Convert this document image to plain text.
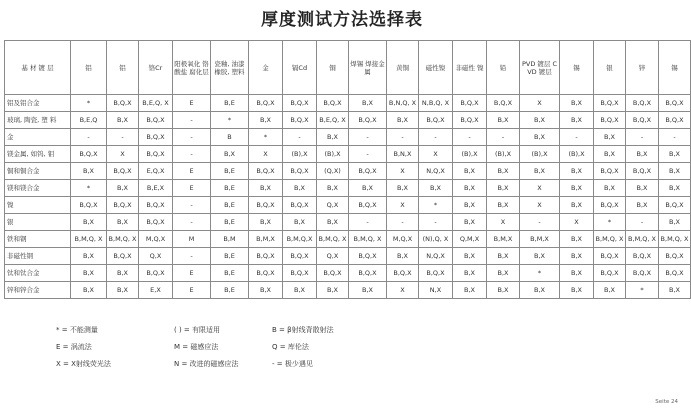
厚度测试方法选择表
基 材 镀 层	铝	铝	铬Cr	阳极氧化 铬酸盐 腐化层	瓷釉, 油漆 橡胶, 塑料	金	镉Cd	铜	焊锡 焊接金属	黄铜	磁性镍	非磁性 镍	铅	PVD 镀层 CVD 镀层	锡	银	锌	锡
铝及铝合金	*	B,Q,X	B,E,Q, X	E	B,E	B,Q,X	B,Q,X	B,Q,X	B,X	B,N,Q, X	N,B,Q, X	B,Q,X	B,Q,X	X	B,X	B,Q,X	B,Q,X	B,Q,X
玻璃, 陶瓷, 塑 料	B,E,Q	B,X	B,Q,X	-	*	B,X	B,Q,X	B,E,Q, X	B,Q,X	B,X	B,Q,X	B,Q,X	B,X	B,X	B,X	B,Q,X	B,Q,X	B,Q,X
金	-	-	B,Q,X	-	B	*	-	B,X	-	-	-	-	-	B,X	-	B,X	-	-
镁金属, 如钨, 钼	B,Q,X	X	B,Q,X	-	B,X	X	(B),X	(B),X	-	B,N,X	X	(B),X	(B),X	(B),X	(B),X	B,X	B,X	B,X
铜和铜合金	B,X	B,Q,X	E,Q,X	E	B,E	B,Q,X	B,Q,X	(Q,X)	B,Q,X	X	N,Q,X	B,X	B,X	B,X	B,X	B,Q,X	B,Q,X	B,X
镁和镁合金	*	B,X	B,E,X	E	B,E	B,X	B,X	B,X	B,X	B,X	B,X	B,X	B,X	X	B,X	B,X	B,X	B,X
镍	B,Q,X	B,Q,X	B,Q,X	-	B,E	B,Q,X	B,Q,X	Q,X	B,Q,X	X	*	B,X	B,X	X	B,X	B,Q,X	B,X	B,Q,X
银	B,X	B,X	B,Q,X	-	B,E	B,X	B,X	B,X	-	-	-	B,X	X	-	X	*	-	B,X
铁和钢	B,M,Q, X	B,M,Q, X	M,Q,X	M	B,M	B,M,X	B,M,Q,X	B,M,Q, X	B,M,Q, X	M,Q,X	(N),Q, X	Q,M,X	B,M,X	B,M,X	B,X	B,M,Q, X	B,M,Q, X	B,M,Q, X
非磁性钢	B,X	B,Q,X	Q,X	-	B,E	B,Q,X	B,Q,X	Q,X	B,Q,X	B,X	N,Q,X	B,X	B,X	B,X	B,X	B,Q,X	B,Q,X	B,Q,X
钛和钛合金	B,X	B,X	B,Q,X	E	B,E	B,Q,X	B,Q,X	B,Q,X	B,Q,X	B,Q,X	B,Q,X	B,X	B,X	*	B,X	B,Q,X	B,Q,X	B,Q,X
锌和锌合金	B,X	B,X	E,X	E	B,E	B,X	B,X	B,X	B,X	X	N,X	B,X	B,X	B,X	B,X	B,X	*	B,X
* = 不能测量	( ) = 有限适用	B = β射线背散射法
E = 涡流法	M = 磁感应法	Q = 库伦法
X = X射线荧光法	N = 改进的磁感应法	- = 极少遇见
Seite 24
